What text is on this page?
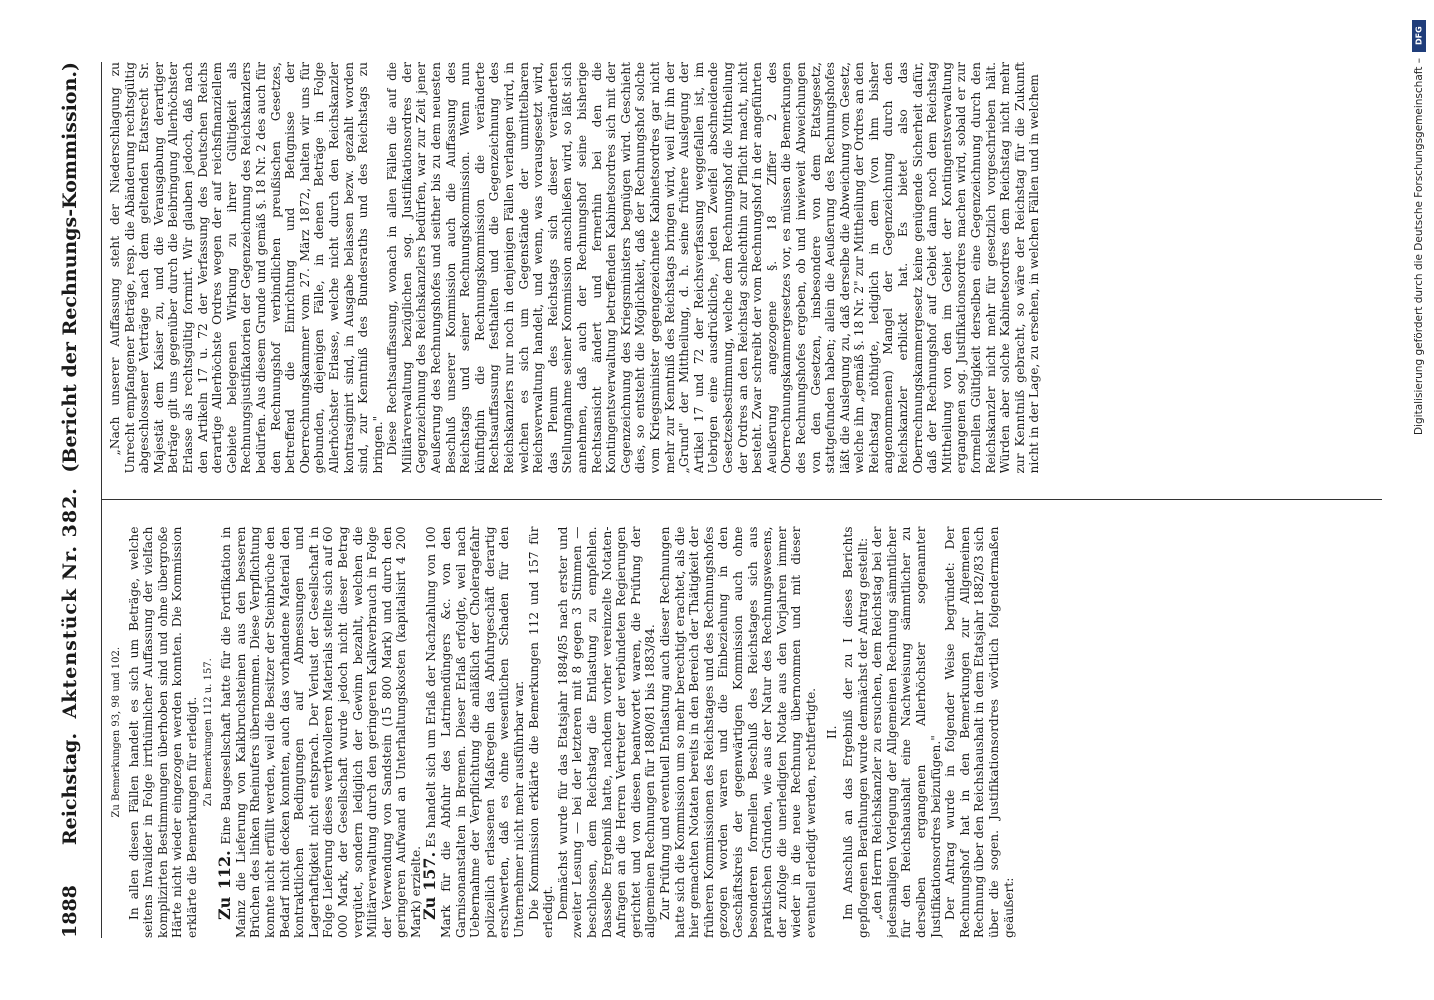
1888
Reichstag.
Aktenstück Nr. 382.
(Bericht der Rechnungs-Kommission.)

Zu Bemerkungen 93, 98 und 102. In allen diesen Fällen handelt es sich um Beträge, welche seitens Invalider in Folge irrthümlicher Auffassung der vielfach komplizirten Bestimmungen überhoben sind und ohne übergroße Härte nicht wieder eingezogen werden konnten. Die Kommission erklärte die Bemerkungen für erledigt. Zu Bemerkungen 112 u. 157.

Zu 112. Eine Baugesellschaft hatte für die Fortifikation in Mainz die Lieferung von Kalkbruchsteinen aus den besseren Brüchen des linken Rheinufers übernommen. Diese Verpflichtung konnte nicht erfüllt werden, weil die Besitzer der Steinbrüche den Bedarf nicht decken konnten, auch das vorhandene Material den kontraktlichen Bedingungen auf Abmessungen und Lagerhaftigkeit nicht entsprach. Der Verlust der Gesellschaft in Folge Lieferung dieses werthvolleren Materials stellte sich auf 60 000 Mark, der Gesellschaft wurde jedoch nicht dieser Betrag vergütet, sondern lediglich der Gewinn bezahlt, welchen die Militärverwaltung durch den geringeren Kalkverbrauch in Folge der Verwendung von Sandstein (15 800 Mark) und durch den geringeren Aufwand an Unterhaltungskosten (kapitalisirt 4 200 Mark) erzielte.

Zu 157. Es handelt sich um Erlaß der Nachzahlung von 100 Mark für die Abfuhr des Latrinendüngers &c. von den Garnisonanstalten in Bremen. Dieser Erlaß erfolgte, weil nach Uebernahme der Verpflichtung die anläßlich der Choleragefahr polizeilich erlassenen Maßregeln das Abfuhrgeschäft derartig erschwerten, daß es ohne wesentlichen Schaden für den Unternehmer nicht mehr ausführbar war. Die Kommission erklärte die Bemerkungen 112 und 157 für erledigt. Demnächst wurde für das Etatsjahr 1884/85 nach erster und zweiter Lesung — bei der letzteren mit 8 gegen 3 Stimmen — beschlossen, dem Reichstag die Entlastung zu empfehlen. Dasselbe Ergebniß hatte, nachdem vorher vereinzelte Notaten-Anfragen an die Herren Vertreter der verbündeten Regierungen gerichtet und von diesen beantwortet waren, die Prüfung der allgemeinen Rechnungen für 1880/81 bis 1883/84. Zur Prüfung und eventuell Entlastung auch dieser Rechnungen hatte sich die Kommission um so mehr berechtigt erachtet, als die hier gemachten Notaten bereits in den Bereich der Thätigkeit der früheren Kommissionen des Reichstages und des Rechnungshofes gezogen worden waren und die Einbeziehung in den Geschäftskreis der gegenwärtigen Kommission auch ohne besonderen formellen Beschluß des Reichstages sich aus praktischen Gründen, wie aus der Natur des Rechnungswesens, der zufolge die unerledigten Notate aus den Vorjahren immer wieder in die neue Rechnung übernommen und mit dieser eventuell erledigt werden, rechtfertigte. II. Im Anschluß an das Ergebniß der zu I dieses Berichts gepflogenen Berathungen wurde demnächst der Antrag gestellt: „den Herrn Reichskanzler zu ersuchen, dem Reichstag bei der jedesmaligen Vorlegung der Allgemeinen Rechnung sämmtlicher für den Reichshaushalt eine Nachweisung sämmtlicher zu derselben ergangenen Allerhöchster sogenannter Justifikationsordres beizufügen." Der Antrag wurde in folgender Weise begründet: Der Rechnungshof hat in den Bemerkungen zur Allgemeinen Rechnung über den Reichshaushalt in dem Etatsjahr 1882/83 sich über die sogen. Justifikationsordres wörtlich folgendermaßen geäußert:

„Nach unserer Auffassung steht der Niederschlagung zu Unrecht empfangener Beträge, resp. die Abänderung rechtsgültig abgeschlossener Verträge nach dem geltenden Etatsrecht Sr. Majestät dem Kaiser zu, und die Verausgabung derartiger Beträge gilt uns gegenüber durch die Beibringung Allerhöchster Erlasse als rechtsgültig formirt. Wir glauben jedoch, daß nach den Artikeln 17 u. 72 der Verfassung des Deutschen Reichs derartige Allerhöchste Ordres wegen der auf reichsfinanziellem Gebiete belegenen Wirkung zu ihrer Gültigkeit als Rechnungsjustifikatorien der Gegenzeichnung des Reichskanzlers bedürfen. Aus diesem Grunde und gemäß §. 18 Nr. 2 des auch für den Rechnungshof verbindlichen preußischen Gesetzes, betreffend die Einrichtung und Befugnisse der Oberrechnungskammer vom 27. März 1872, halten wir uns für gebunden, diejenigen Fälle, in denen Beträge in Folge Allerhöchster Erlasse, welche nicht durch den Reichskanzler kontrasignirt sind, in Ausgabe belassen bezw. gezahlt worden sind, zur Kenntniß des Bundesraths und des Reichstags zu bringen." Diese Rechtsauffassung, wonach in allen Fällen die auf die Militärverwaltung bezüglichen sog. Justifikationsordres der Gegenzeichnung des Reichskanzlers bedürfen, war zur Zeit jener Aeußerung des Rechnungshofes und seither bis zu dem neuesten Beschluß unserer Kommission auch die Auffassung des Reichstags und seiner Rechnungskommission. Wenn nun künftighin die Rechnungskommission die veränderte Rechtsauffassung festhalten und die Gegenzeichnung des Reichskanzlers nur noch in denjenigen Fällen verlangen wird, in welchen es sich um Gegenstände der unmittelbaren Reichsverwaltung handelt, und wenn, was vorausgesetzt wird, das Plenum des Reichstags sich dieser veränderten Stellungnahme seiner Kommission anschließen wird, so läßt sich annehmen, daß auch der Rechnungshof seine bisherige Rechtsansicht ändert und fernerhin bei den die Kontingentsverwaltung betreffenden Kabinetsordres sich mit der Gegenzeichnung des Kriegsministers begnügen wird. Geschieht dies, so entsteht die Möglichkeit, daß der Rechnungshof solche vom Kriegsminister gegengezeichnete Kabinetsordres gar nicht mehr zur Kenntniß des Reichstags bringen wird, weil für ihn der „Grund" der Mittheilung, d. h. seine frühere Auslegung der Artikel 17 und 72 der Reichsverfassung weggefallen ist, im Uebrigen eine ausdrückliche, jeden Zweifel abschneidende Gesetzesbestimmung, welche dem Rechnungshof die Mittheilung der Ordres an den Reichstag schlechthin zur Pflicht macht, nicht besteht. Zwar schreibt der vom Rechnungshof in der angeführten Aeußerung angezogene §. 18 Ziffer 2 des Oberrechnungskammergesetzes vor, es müssen die Bemerkungen des Rechnungshofes ergeben, ob und inwieweit Abweichungen von den Gesetzen, insbesondere von dem Etatsgesetz, stattgefunden haben; allein die Aeußerung des Rechnungshofes läßt die Auslegung zu, daß derselbe die Abweichung vom Gesetz, welche ihn „gemäß §. 18 Nr. 2" zur Mittheilung der Ordres an den Reichstag nöthigte, lediglich in dem (von ihm bisher angenommenen) Mangel der Gegenzeichnung durch den Reichskanzler erblickt hat. Es bietet also das Oberrechnungskammergesetz keine genügende Sicherheit dafür, daß der Rechnungshof auf Gebiet dann noch dem Reichstag Mittheilung von den im Gebiet der Kontingentsverwaltung ergangenen sog. Justifikationsordres machen wird, sobald er zur formellen Gültigkeit derselben eine Gegenzeichnung durch den Reichskanzler nicht mehr für gesetzlich vorgeschrieben hält. Würden aber solche Kabinetsordres dem Reichstag nicht mehr zur Kenntniß gebracht, so wäre der Reichstag für die Zukunft nicht in der Lage, zu ersehen, in welchen Fällen und in welchem

DFG
Digitalisierung gefördert durch die Deutsche Forschungsgemeinschaft –
